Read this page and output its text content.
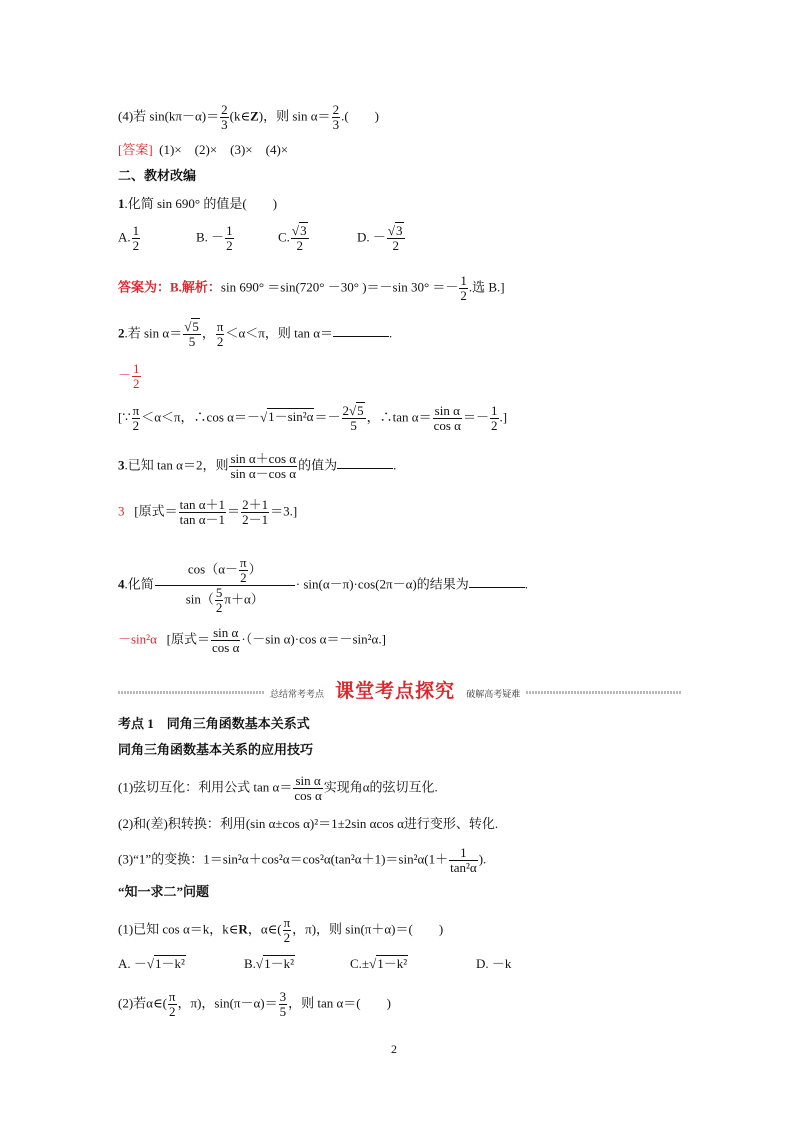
(4)若 $\sin(k\pi-\alpha)= \frac{2}{3}$ (k∈Z)，则 $\sin \alpha= \frac{2}{3}$ .(　　)
[答案] (1)×　(2)×　(3)×　(4)×
二、教材改编
1.化简 sin 690° 的值是(　　)
A. $\frac{1}{2}$	B. － $\frac{1}{2}$	C. $\frac{√3}{2}$	D. － $\frac{√3}{2}$
答案为：B.解析：sin 690° ＝sin(720° －30° )＝－sin $30^\circ =- \frac{1}{2}$ .选 B.]
2.若 $\sin \alpha= \frac{√5}{5}$ ， $\frac{\pi}{2} <\alpha<\pi$，则 tan α＝	.
－ $\frac{1}{2}$
[∵ $\frac{\pi}{2} <\alpha<\pi$，∴cos $\alpha=-√1-\sin^2\alpha=- \frac{2√5}{5}$ ，∴tan $\alpha= \frac{\text{sin α}}{\text{cos α}} =- \frac{1}{2}$ .]
3.已知 tan α＝2，则 $\frac{\text{sin α＋cos α}}{\text{sin α－cos α}}$ 的值为	.
3 [原式＝ $\frac{\text{tan α＋1}}{\text{tan α－1}} = \frac{2+1}{2-1} =3$.]
4.化简 $\frac{\cos(\alpha- \frac{\pi}{2} )}{\sin( \frac{5}{2} \pi+\alpha)} \cdot \sin(\alpha-\pi)\cdot\cos(2\pi-\alpha)$的结果为	.
－sin²α [原式＝ $\frac{\text{sin α}}{\text{cos α}} \cdot(-\sin$ α)·cos α＝－sin²α.]
总结常考考点 课堂考点探究 破解高考疑难
考点 1　同角三角函数基本关系式
同角三角函数基本关系的应用技巧
(1)弦切互化：利用公式 $\tan \alpha= \frac{\text{sin α}}{\text{cos α}}$ 实现角α的弦切互化.
(2)和(差)积转换：利用(sin α±cos α)²＝1±2sin αcos α进行变形、转化.
(3)“1”的变换：$1=\sin^2\alpha+\cos^2\alpha=\cos^2\alpha(\tan^2\alpha+1)=\sin^2\alpha(1+ \frac{1}{\text{tan²α}}$ ).
“知一求二”问题
(1)已知 cos α＝k，k∈R，α∈( $\frac{\pi}{2}$ ，π)，则 sin(π＋α)＝(　　)
A. －√1－k²	B.√1－k²	C.±√1－k²	D. －k
(2)若α∈( $\frac{\pi}{2}$ ，π)，$\sin(\pi-\alpha)= \frac{3}{5}$ ，则 tan α＝(　　)
2
